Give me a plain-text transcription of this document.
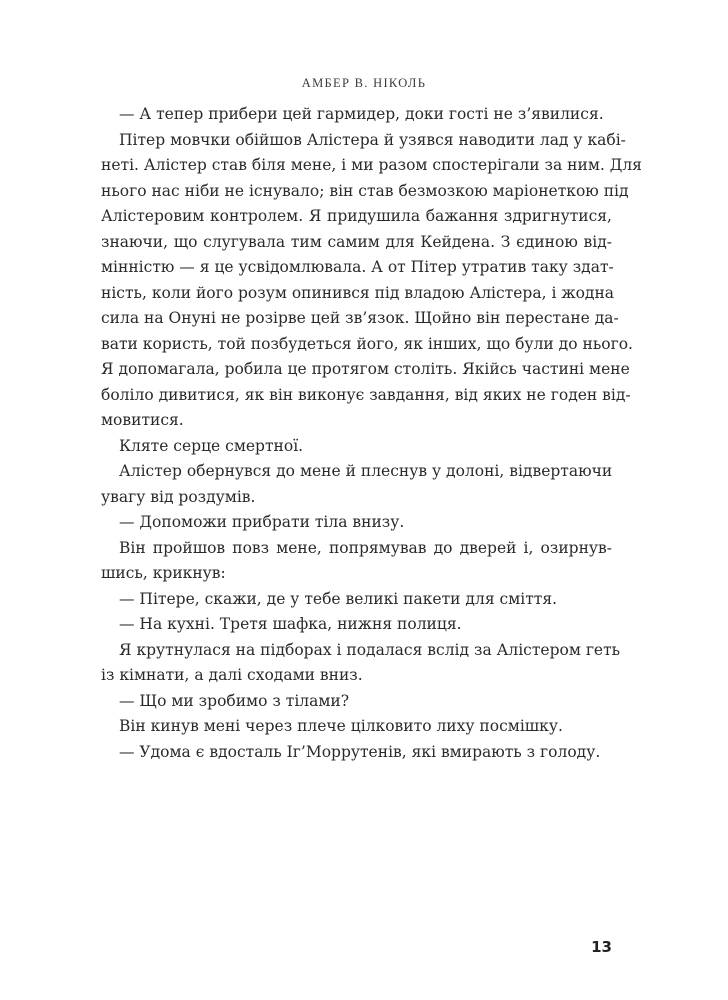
АМБЕР В. НІКОЛЬ
— А тепер прибери цей гармидер, доки гості не з’явилися.
Пітер мовчки обійшов Алістера й узявся наводити лад у кабі-
неті. Алістер став біля мене, і ми разом спостерігали за ним. Для
нього нас ніби не існувало; він став безмозкою маріонеткою під
Алістеровим контролем. Я придушила бажання здригнутися,
знаючи, що слугувала тим самим для Кейдена. З єдиною від-
мінністю — я це усвідомлювала. А от Пітер утратив таку здат-
ність, коли його розум опинився під владою Алістера, і жодна
сила на Онуні не розірве цей зв’язок. Щойно він перестане да-
вати користь, той позбудеться його, як інших, що були до нього.
Я допомагала, робила це протягом століть. Якійсь частині мене
боліло дивитися, як він виконує завдання, від яких не годен від-
мовитися.
Кляте серце смертної.
Алістер обернувся до мене й плеснув у долоні, відвертаючи
увагу від роздумів.
— Допоможи прибрати тіла внизу.
Він пройшов повз мене, попрямував до дверей і, озирнув-
шись, крикнув:
— Пітере, скажи, де у тебе великі пакети для сміття.
— На кухні. Третя шафка, нижня полиця.
Я крутнулася на підборах і подалася вслід за Алістером геть
із кімнати, а далі сходами вниз.
— Що ми зробимо з тілами?
Він кинув мені через плече цілковито лиху посмішку.
— Удома є вдосталь Іг’Моррутенів, які вмирають з голоду.
13
